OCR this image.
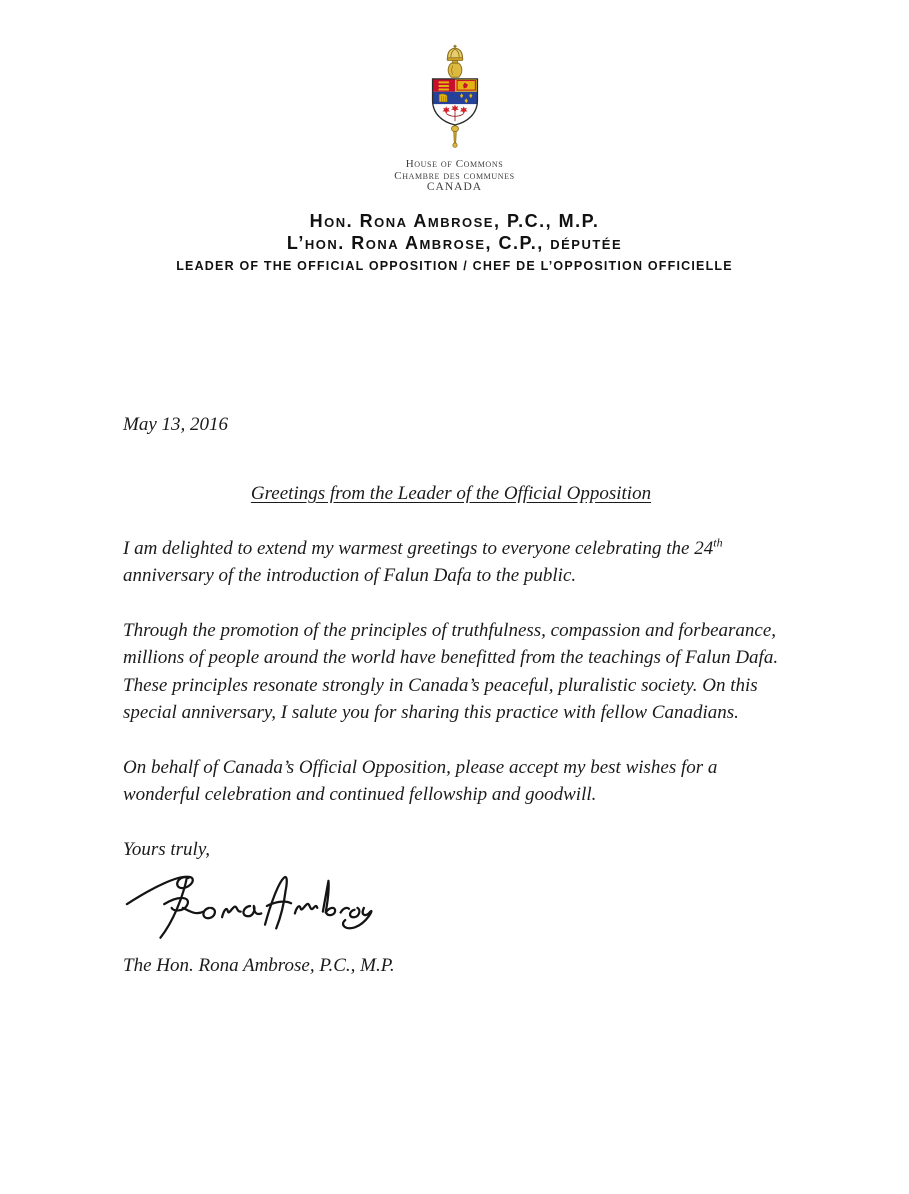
House of Commons
Chambre des communes
CANADA
Hon. Rona Ambrose, P.C., M.P.
L’hon. Rona Ambrose, C.P., députée
LEADER OF THE OFFICIAL OPPOSITION / CHEF DE L’OPPOSITION OFFICIELLE
May 13, 2016
Greetings from the Leader of the Official Opposition

I am delighted to extend my warmest greetings to everyone celebrating the 24th anniversary of the introduction of Falun Dafa to the public.

Through the promotion of the principles of truthfulness, compassion and forbearance, millions of people around the world have benefitted from the teachings of Falun Dafa. These principles resonate strongly in Canada’s peaceful, pluralistic society. On this special anniversary, I salute you for sharing this practice with fellow Canadians.

On behalf of Canada’s Official Opposition, please accept my best wishes for a wonderful celebration and continued fellowship and goodwill.

Yours truly,
The Hon. Rona Ambrose, P.C., M.P.
